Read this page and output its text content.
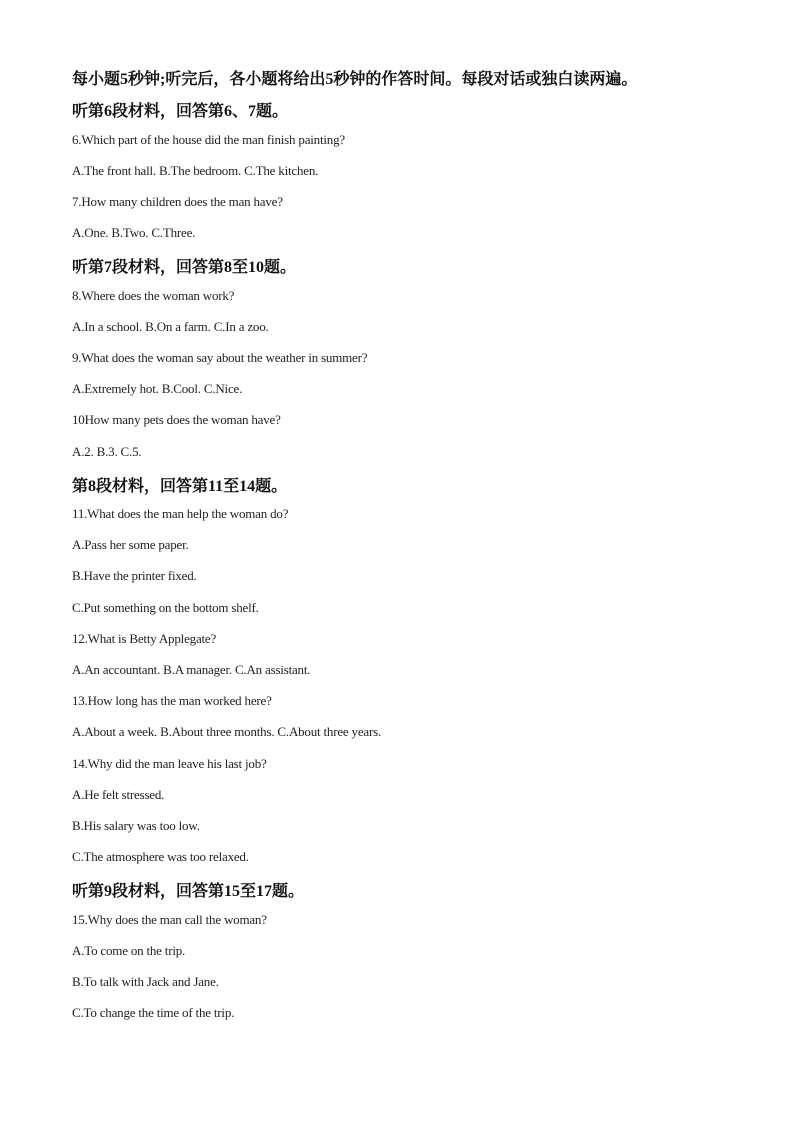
每小题5秒钟;听完后，各小题将给出5秒钟的作答时间。每段对话或独白读两遍。
听第6段材料，回答第6、7题。
6.Which part of the house did the man finish painting?
A.The front hall. B.The bedroom. C.The kitchen.
7.How many children does the man have?
A.One. B.Two. C.Three.
听第7段材料，回答第8至10题。
8.Where does the woman work?
A.In a school. B.On a farm. C.In a zoo.
9.What does the woman say about the weather in summer?
A.Extremely hot. B.Cool. C.Nice.
10How many pets does the woman have?
A.2. B.3. C.5.
第8段材料，回答第11至14题。
11.What does the man help the woman do?
A.Pass her some paper.
B.Have the printer fixed.
C.Put something on the bottom shelf.
12.What is Betty Applegate?
A.An accountant. B.A manager. C.An assistant.
13.How long has the man worked here?
A.About a week. B.About three months. C.About three years.
14.Why did the man leave his last job?
A.He felt stressed.
B.His salary was too low.
C.The atmosphere was too relaxed.
听第9段材料，回答第15至17题。
15.Why does the man call the woman?
A.To come on the trip.
B.To talk with Jack and Jane.
C.To change the time of the trip.
